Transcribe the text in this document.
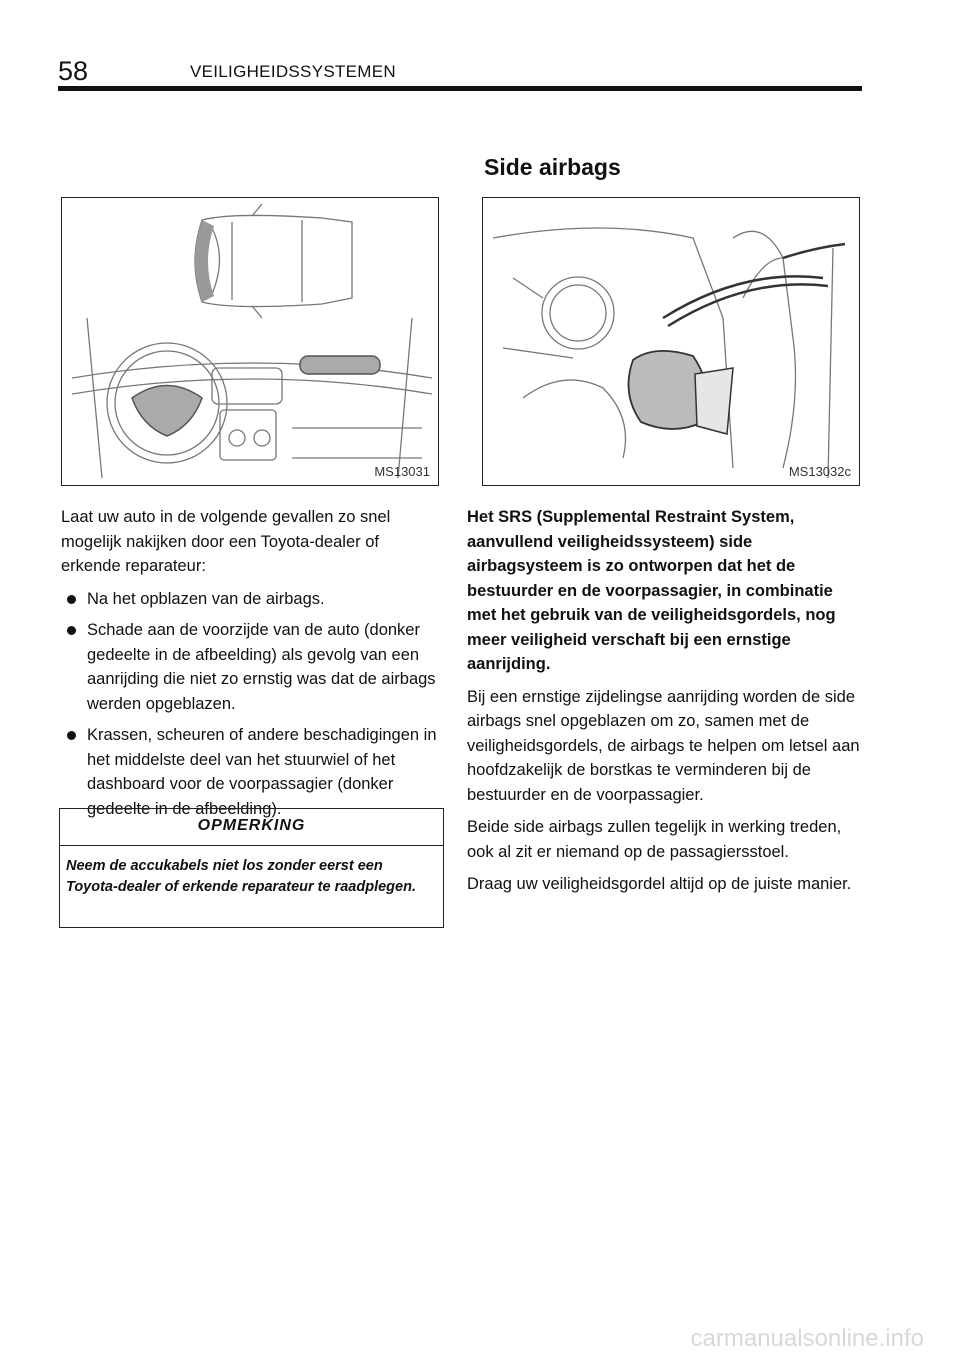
58	VEILIGHEIDSSYSTEMEN
Side airbags
MS13031	MS13032c

Laat uw auto in de volgende gevallen zo snel mogelijk nakijken door een Toyota-dealer of erkende reparateur:

Na het opblazen van de airbags.
Schade aan de voorzijde van de auto (donker gedeelte in de afbeelding) als gevolg van een aanrijding die niet zo ernstig was dat de airbags werden opgeblazen.
Krassen, scheuren of andere beschadigingen in het middelste deel van het stuurwiel of het dashboard voor de voorpassagier (donker gedeelte in de afbeelding).
OPMERKING
Neem de accukabels niet los zonder eerst een Toyota-dealer of erkende reparateur te raadplegen.

Het SRS (Supplemental Restraint System, aanvullend veiligheidssysteem) side airbagsysteem is zo ontworpen dat het de bestuurder en de voorpassagier, in combinatie met het gebruik van de veiligheidsgordels, nog meer veiligheid verschaft bij een ernstige aanrijding.

Bij een ernstige zijdelingse aanrijding worden de side airbags snel opgeblazen om zo, samen met de veiligheidsgordels, de airbags te helpen om letsel aan hoofdzakelijk de borstkas te verminderen bij de bestuurder en de voorpassagier.

Beide side airbags zullen tegelijk in werking treden, ook al zit er niemand op de passagiersstoel.

Draag uw veiligheidsgordel altijd op de juiste manier.

carmanualsonline.info
